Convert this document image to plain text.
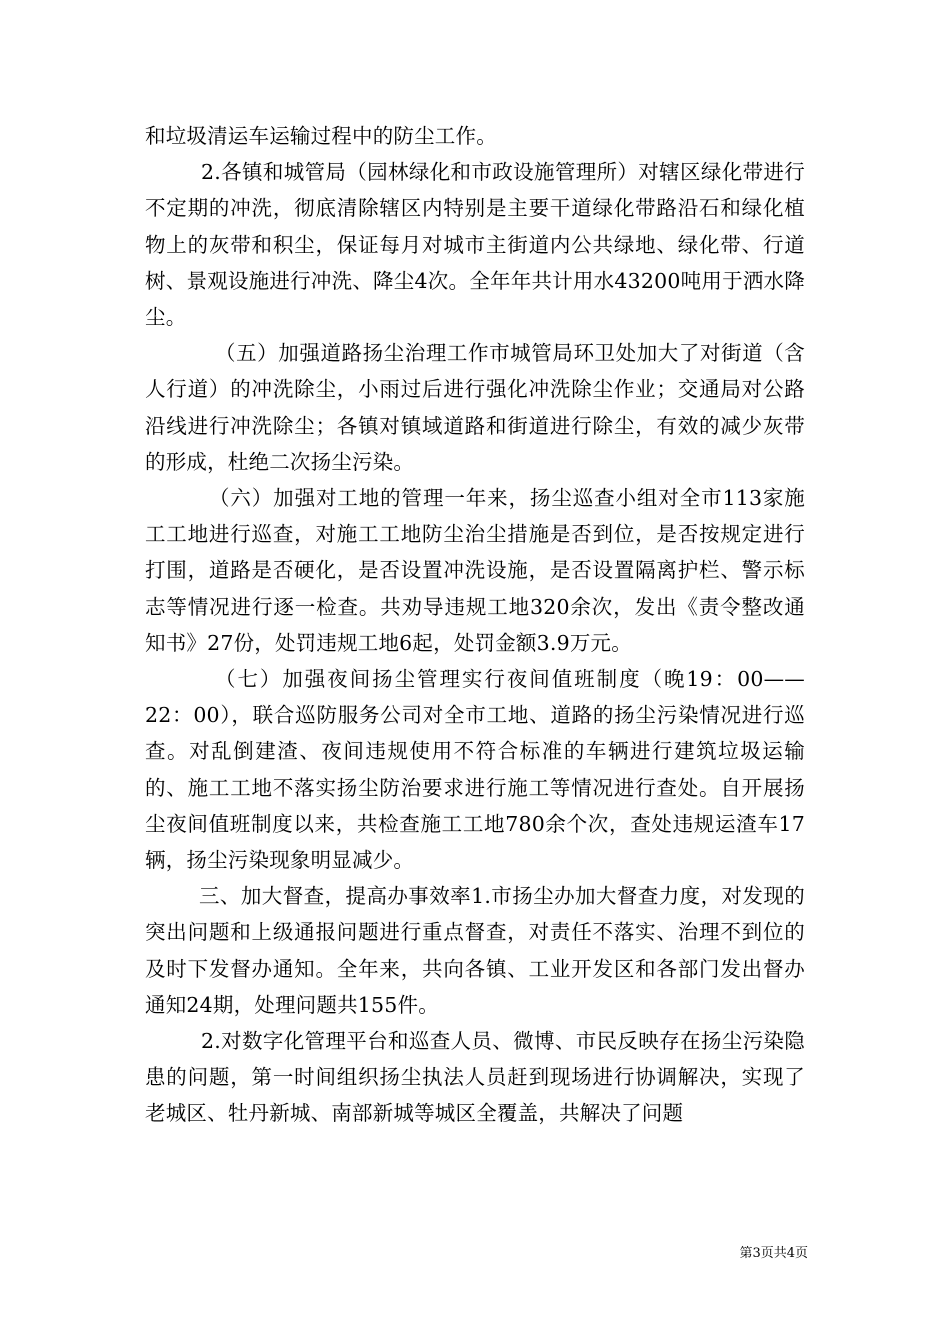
和垃圾清运车运输过程中的防尘工作。

2.各镇和城管局（园林绿化和市政设施管理所）对辖区绿化带进行不定期的冲洗，彻底清除辖区内特别是主要干道绿化带路沿石和绿化植物上的灰带和积尘，保证每月对城市主街道内公共绿地、绿化带、行道树、景观设施进行冲洗、降尘4次。全年年共计用水43200吨用于洒水降尘。

（五）加强道路扬尘治理工作市城管局环卫处加大了对街道（含人行道）的冲洗除尘，小雨过后进行强化冲洗除尘作业；交通局对公路沿线进行冲洗除尘；各镇对镇域道路和街道进行除尘，有效的减少灰带的形成，杜绝二次扬尘污染。

（六）加强对工地的管理一年来，扬尘巡查小组对全市113家施工工地进行巡查，对施工工地防尘治尘措施是否到位，是否按规定进行打围，道路是否硬化，是否设置冲洗设施，是否设置隔离护栏、警示标志等情况进行逐一检查。共劝导违规工地320余次，发出《责令整改通知书》27份，处罚违规工地6起，处罚金额3.9万元。

（七）加强夜间扬尘管理实行夜间值班制度（晚19：00——22：00），联合巡防服务公司对全市工地、道路的扬尘污染情况进行巡查。对乱倒建渣、夜间违规使用不符合标准的车辆进行建筑垃圾运输的、施工工地不落实扬尘防治要求进行施工等情况进行查处。自开展扬尘夜间值班制度以来，共检查施工工地780余个次，查处违规运渣车17辆，扬尘污染现象明显减少。

三、加大督查，提高办事效率1.市扬尘办加大督查力度，对发现的突出问题和上级通报问题进行重点督查，对责任不落实、治理不到位的及时下发督办通知。全年来，共向各镇、工业开发区和各部门发出督办通知24期，处理问题共155件。

2.对数字化管理平台和巡查人员、微博、市民反映存在扬尘污染隐患的问题，第一时间组织扬尘执法人员赶到现场进行协调解决，实现了老城区、牡丹新城、南部新城等城区全覆盖，共解决了问题

第3页共4页
